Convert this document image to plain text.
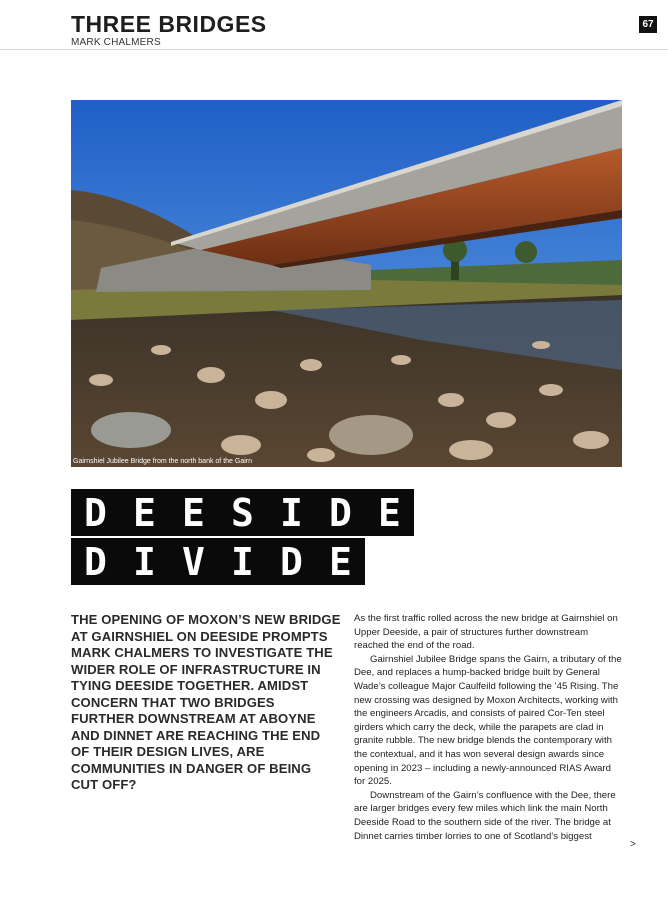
THREE BRIDGES
MARK CHALMERS
67
Gairnshiel Jubilee Bridge from the north bank of the Gairn
D E E S I D E
D I V I D E
THE OPENING OF MOXON’S NEW BRIDGE AT GAIRNSHIEL ON DEESIDE PROMPTS MARK CHALMERS TO INVESTIGATE THE WIDER ROLE OF INFRASTRUCTURE IN TYING DEESIDE TOGETHER. AMIDST CONCERN THAT TWO BRIDGES FURTHER DOWNSTREAM AT ABOYNE AND DINNET ARE REACHING THE END OF THEIR DESIGN LIVES, ARE COMMUNITIES IN DANGER OF BEING CUT OFF?

As the first traffic rolled across the new bridge at Gairnshiel on Upper Deeside, a pair of structures further downstream reached the end of the road.

Gairnshiel Jubilee Bridge spans the Gairn, a tributary of the Dee, and replaces a hump-backed bridge built by General Wade’s colleague Major Caulfeild following the ’45 Rising. The new crossing was designed by Moxon Architects, working with the engineers Arcadis, and consists of paired Cor-Ten steel girders which carry the deck, while the parapets are clad in granite rubble. The new bridge blends the contemporary with the contextual, and it has won several design awards since opening in 2023 – including a newly-announced RIAS Award for 2025.

Downstream of the Gairn’s confluence with the Dee, there are larger bridges every few miles which link the main North Deeside Road to the southern side of the river. The bridge at Dinnet carries timber lorries to one of Scotland’s biggest

>
